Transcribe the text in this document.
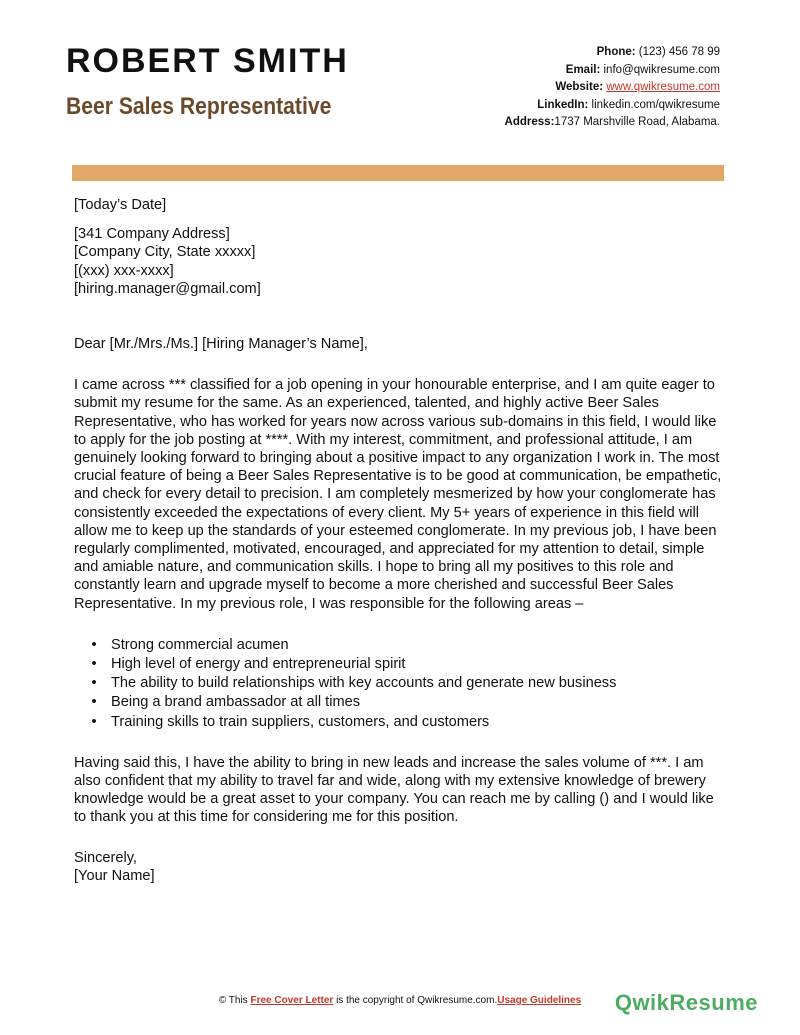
ROBERT SMITH
Beer Sales Representative
Phone: (123) 456 78 99
Email: info@qwikresume.com
Website: www.qwikresume.com
LinkedIn: linkedin.com/qwikresume
Address:1737 Marshville Road, Alabama.

[Today’s Date]

[341 Company Address]

[Company City, State xxxxx]

[(xxx) xxx-xxxx]

[hiring.manager@gmail.com]

Dear [Mr./Mrs./Ms.] [Hiring Manager’s Name],

I came across *** classified for a job opening in your honourable enterprise, and I am quite eager to submit my resume for the same. As an experienced, talented, and highly active Beer Sales Representative, who has worked for years now across various sub-domains in this field, I would like to apply for the job posting at ****. With my interest, commitment, and professional attitude, I am genuinely looking forward to bringing about a positive impact to any organization I work in. The most crucial feature of being a Beer Sales Representative is to be good at communication, be empathetic, and check for every detail to precision. I am completely mesmerized by how your conglomerate has consistently exceeded the expectations of every client. My 5+ years of experience in this field will allow me to keep up the standards of your esteemed conglomerate. In my previous job, I have been regularly complimented, motivated, encouraged, and appreciated for my attention to detail, simple and amiable nature, and communication skills. I hope to bring all my positives to this role and constantly learn and upgrade myself to become a more cherished and successful Beer Sales Representative. In my previous role, I was responsible for the following areas –

• Strong commercial acumen
• High level of energy and entrepreneurial spirit
• The ability to build relationships with key accounts and generate new business
• Being a brand ambassador at all times
• Training skills to train suppliers, customers, and customers

Having said this, I have the ability to bring in new leads and increase the sales volume of ***. I am also confident that my ability to travel far and wide, along with my extensive knowledge of brewery knowledge would be a great asset to your company. You can reach me by calling () and I would like to thank you at this time for considering me for this position.

Sincerely,

[Your Name]

© This Free Cover Letter is the copyright of Qwikresume.com.Usage Guidelines	QwikResume
